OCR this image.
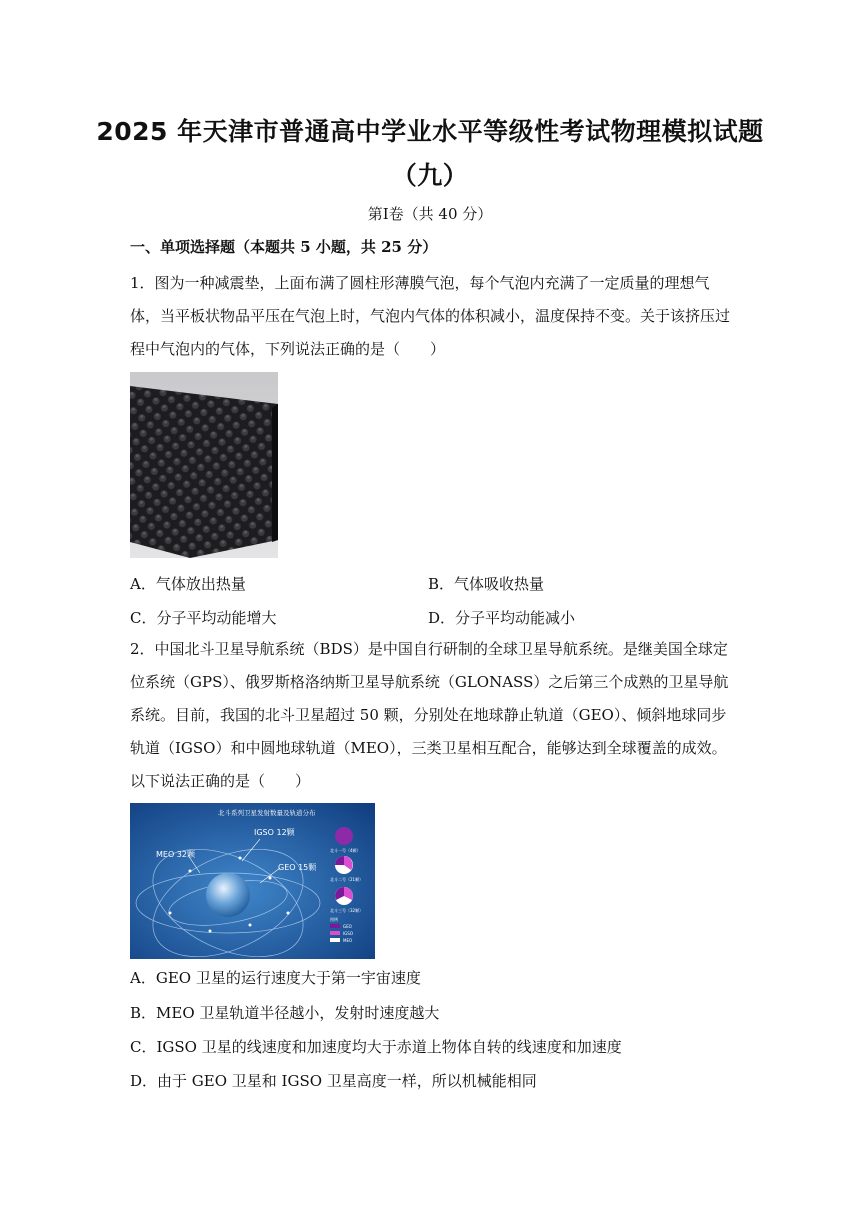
2025 年天津市普通高中学业水平等级性考试物理模拟试题
（九）
第Ⅰ卷（共 40 分）
一、单项选择题（本题共 5 小题，共 25 分）
1．图为一种减震垫，上面布满了圆柱形薄膜气泡，每个气泡内充满了一定质量的理想气体，当平板状物品平压在气泡上时，气泡内气体的体积减小，温度保持不变。关于该挤压过程中气泡内的气体，下列说法正确的是（　　）
A．气体放出热量	B．气体吸收热量
C．分子平均动能增大	D．分子平均动能减小
2．中国北斗卫星导航系统（BDS）是中国自行研制的全球卫星导航系统。是继美国全球定位系统（GPS）、俄罗斯格洛纳斯卫星导航系统（GLONASS）之后第三个成熟的卫星导航系统。目前，我国的北斗卫星超过 50 颗，分别处在地球静止轨道（GEO）、倾斜地球同步轨道（IGSO）和中圆地球轨道（MEO），三类卫星相互配合，能够达到全球覆盖的成效。以下说法正确的是（　　）
北斗系列卫星发射数量及轨道分布
IGSO 12颗
MEO 32颗
GEO 15颗
北斗一号（4颗）
北斗二号（21颗）
北斗三号（32颗）
图例
GEO
IGSO
MEO
A．GEO 卫星的运行速度大于第一宇宙速度
B．MEO 卫星轨道半径越小，发射时速度越大
C．IGSO 卫星的线速度和加速度均大于赤道上物体自转的线速度和加速度
D．由于 GEO 卫星和 IGSO 卫星高度一样，所以机械能相同
